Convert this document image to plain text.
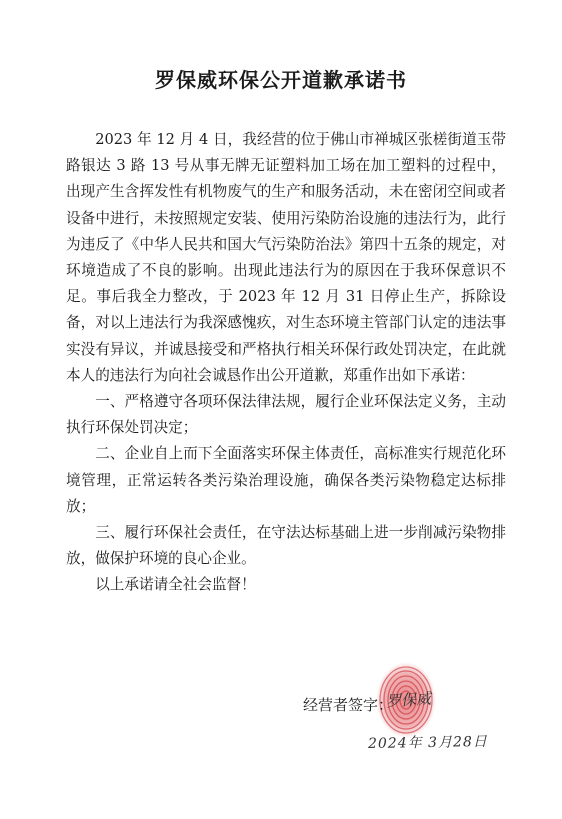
罗保威环保公开道歉承诺书

2023 年 12 月 4 日，我经营的位于佛山市禅城区张槎街道玉带路银达 3 路 13 号从事无牌无证塑料加工场在加工塑料的过程中，出现产生含挥发性有机物废气的生产和服务活动，未在密闭空间或者设备中进行，未按照规定安装、使用污染防治设施的违法行为，此行为违反了《中华人民共和国大气污染防治法》第四十五条的规定，对环境造成了不良的影响。出现此违法行为的原因在于我环保意识不足。事后我全力整改，于 2023 年 12 月 31 日停止生产，拆除设备，对以上违法行为我深感愧疚，对生态环境主管部门认定的违法事实没有异议，并诚恳接受和严格执行相关环保行政处罚决定，在此就本人的违法行为向社会诚恳作出公开道歉，郑重作出如下承诺：

一、严格遵守各项环保法律法规，履行企业环保法定义务，主动执行环保处罚决定；

二、企业自上而下全面落实环保主体责任，高标准实行规范化环境管理，正常运转各类污染治理设施，确保各类污染物稳定达标排放；

三、履行环保社会责任，在守法达标基础上进一步削减污染物排放，做保护环境的良心企业。

以上承诺请全社会监督！

经营者签字：
罗保威
2024年 3月28日
